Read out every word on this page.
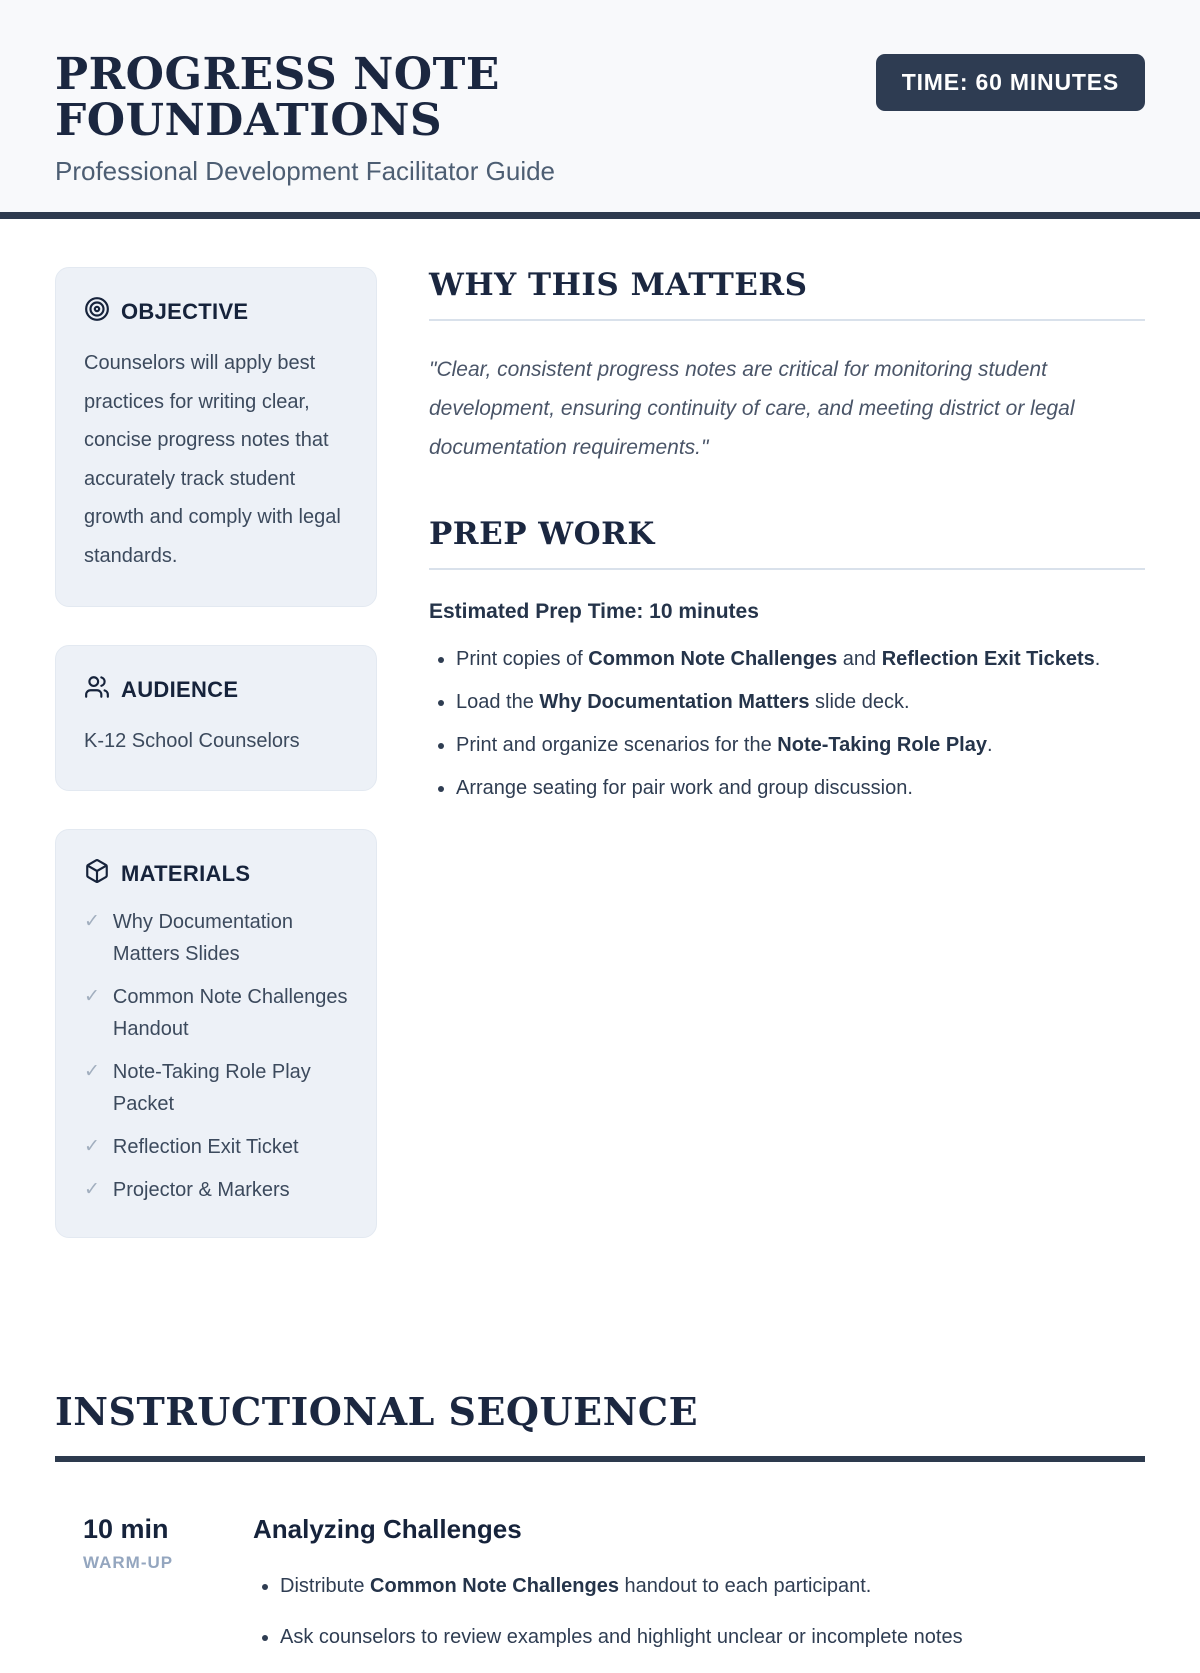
PROGRESS NOTE FOUNDATIONS
Professional Development Facilitator Guide
TIME: 60 MINUTES
OBJECTIVE
Counselors will apply best practices for writing clear, concise progress notes that accurately track student growth and comply with legal standards.
AUDIENCE
K-12 School Counselors
MATERIALS
✓ Why Documentation Matters Slides
✓ Common Note Challenges Handout
✓ Note-Taking Role Play Packet
✓ Reflection Exit Ticket
✓ Projector & Markers
WHY THIS MATTERS
"Clear, consistent progress notes are critical for monitoring student development, ensuring continuity of care, and meeting district or legal documentation requirements."
PREP WORK
Estimated Prep Time: 10 minutes
• Print copies of Common Note Challenges and Reflection Exit Tickets.
• Load the Why Documentation Matters slide deck.
• Print and organize scenarios for the Note-Taking Role Play.
• Arrange seating for pair work and group discussion.
INSTRUCTIONAL SEQUENCE
10 min
WARM-UP
Analyzing Challenges
• Distribute Common Note Challenges handout to each participant.
• Ask counselors to review examples and highlight unclear or incomplete notes
